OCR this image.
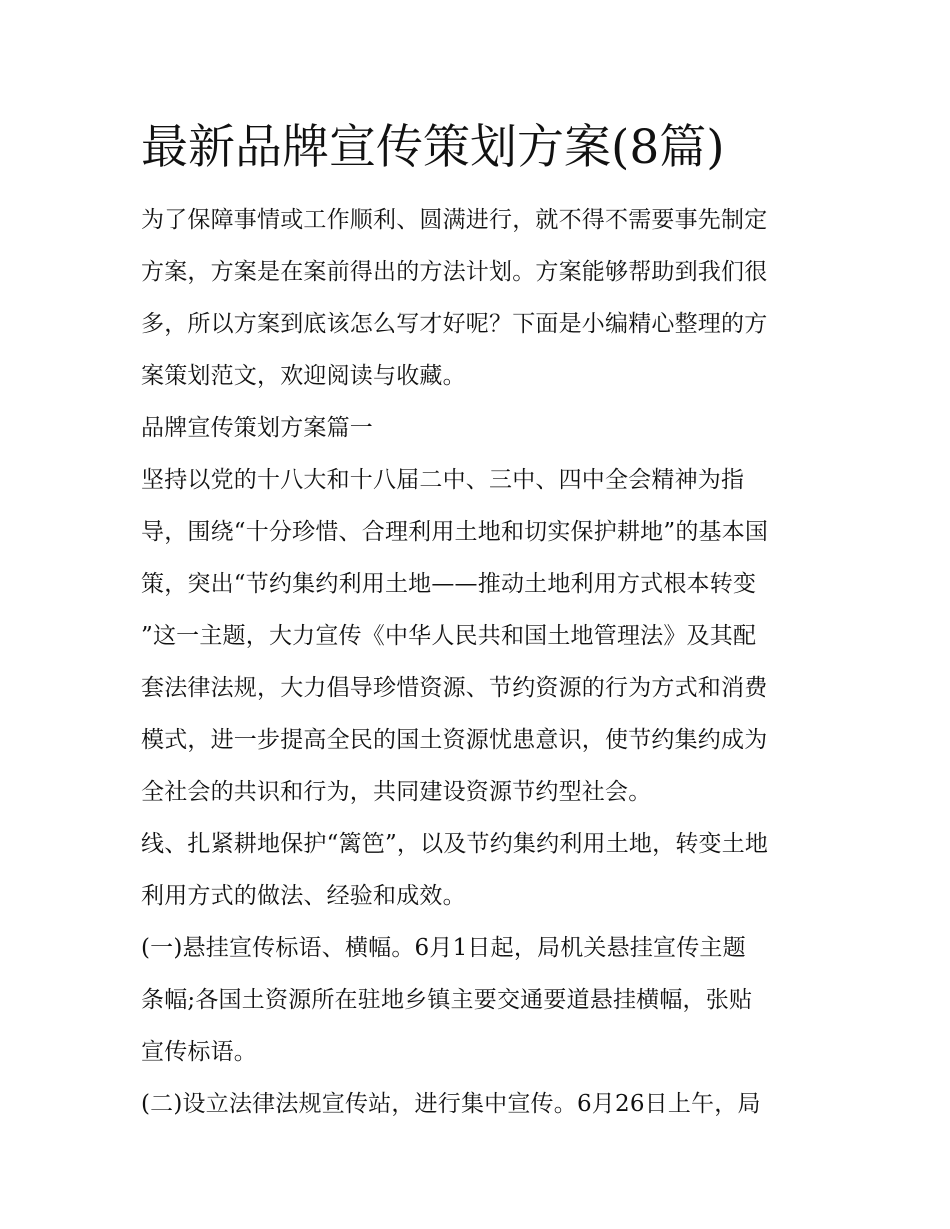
最新品牌宣传策划方案(8篇)
为了保障事情或工作顺利、圆满进行，就不得不需要事先制定
方案，方案是在案前得出的方法计划。方案能够帮助到我们很
多，所以方案到底该怎么写才好呢？下面是小编精心整理的方
案策划范文，欢迎阅读与收藏。
品牌宣传策划方案篇一
坚持以党的十八大和十八届二中、三中、四中全会精神为指
导，围绕“十分珍惜、合理利用土地和切实保护耕地”的基本国
策，突出“节约集约利用土地——推动土地利用方式根本转变
”这一主题，大力宣传《中华人民共和国土地管理法》及其配
套法律法规，大力倡导珍惜资源、节约资源的行为方式和消费
模式，进一步提高全民的国土资源忧患意识，使节约集约成为
全社会的共识和行为，共同建设资源节约型社会。
线、扎紧耕地保护“篱笆”，以及节约集约利用土地，转变土地
利用方式的做法、经验和成效。
(一)悬挂宣传标语、横幅。6月1日起，局机关悬挂宣传主题
条幅;各国土资源所在驻地乡镇主要交通要道悬挂横幅，张贴
宣传标语。
(二)设立法律法规宣传站，进行集中宣传。6月26日上午，局
